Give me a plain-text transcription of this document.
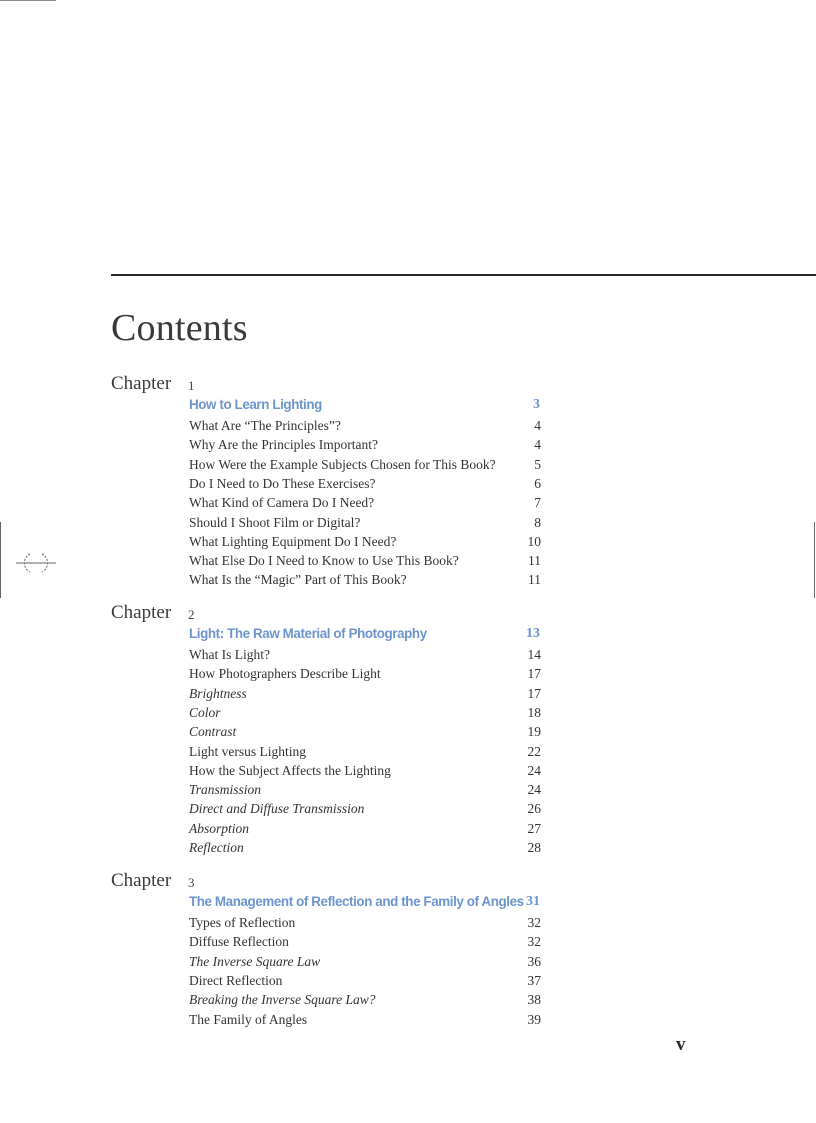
Contents
Chapter 1
How to Learn Lighting	3
What Are “The Principles”?	4
Why Are the Principles Important?	4
How Were the Example Subjects Chosen for This Book?	5
Do I Need to Do These Exercises?	6
What Kind of Camera Do I Need?	7
Should I Shoot Film or Digital?	8
What Lighting Equipment Do I Need?	10
What Else Do I Need to Know to Use This Book?	11
What Is the “Magic” Part of This Book?	11
Chapter 2
Light: The Raw Material of Photography	13
What Is Light?	14
How Photographers Describe Light	17
Brightness	17
Color	18
Contrast	19
Light versus Lighting	22
How the Subject Affects the Lighting	24
Transmission	24
Direct and Diffuse Transmission	26
Absorption	27
Reflection	28
Chapter 3
The Management of Reflection and the Family of Angles 31
Types of Reflection	32
Diffuse Reflection	32
The Inverse Square Law	36
Direct Reflection	37
Breaking the Inverse Square Law?	38
The Family of Angles	39
v
